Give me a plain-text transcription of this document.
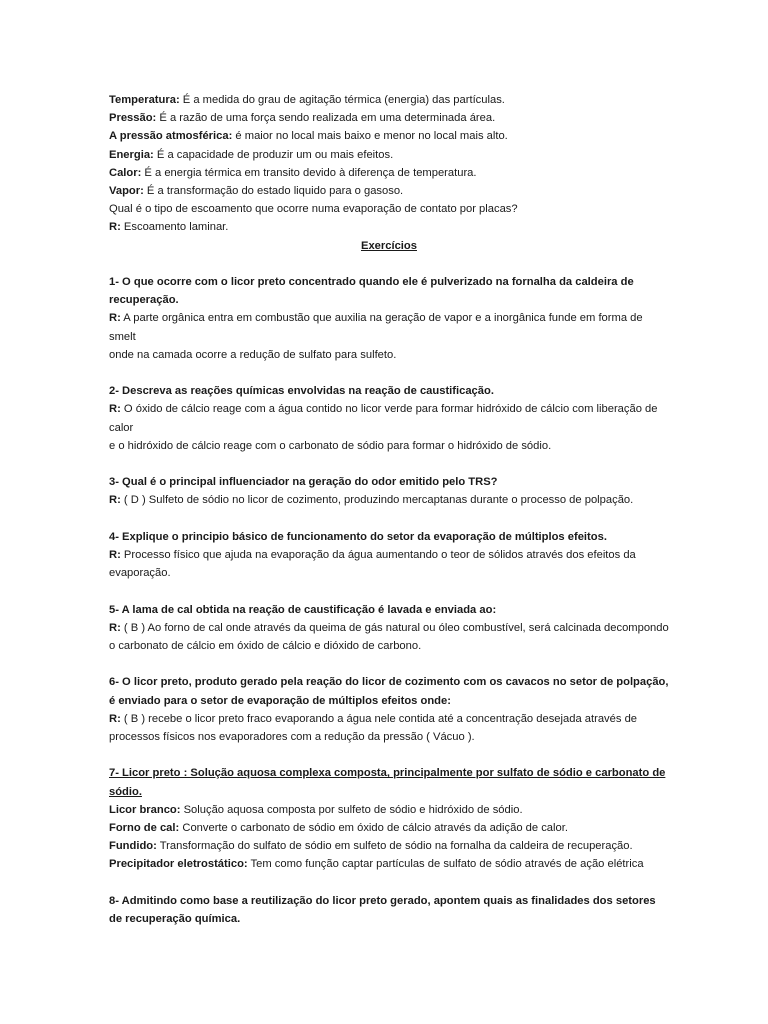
Temperatura: É a medida do grau de agitação térmica (energia) das partículas.
Pressão: É a razão de uma força sendo realizada em uma determinada área.
A pressão atmosférica: é maior no local mais baixo e menor no local mais alto.
Energia: É a capacidade de produzir um ou mais efeitos.
Calor: É a energia térmica em transito devido à diferença de temperatura.
Vapor: É a transformação do estado liquido para o gasoso.
Qual é o tipo de escoamento que ocorre numa evaporação de contato por placas?
R: Escoamento laminar.
Exercícios
1- O que ocorre com o licor preto concentrado quando ele é pulverizado na fornalha da caldeira de recuperação.
R: A parte orgânica entra em combustão que auxilia na geração de vapor e a inorgânica funde em forma de smelt
onde na camada ocorre a redução de sulfato para sulfeto.
2- Descreva as reações químicas envolvidas na reação de caustificação.
R: O óxido de cálcio reage com a água contido no licor verde para formar hidróxido de cálcio com liberação de calor
e o hidróxido de cálcio reage com o carbonato de sódio para formar o hidróxido de sódio.
3- Qual é o principal influenciador na geração do odor emitido pelo TRS?
R: ( D ) Sulfeto de sódio no licor de cozimento, produzindo mercaptanas durante o processo de polpação.
4- Explique o principio básico de funcionamento do setor da evaporação de múltiplos efeitos.
R: Processo físico que ajuda na evaporação da água aumentando o teor de sólidos através dos efeitos da evaporação.
5- A lama de cal obtida na reação de caustificação é lavada e enviada ao:
R: ( B ) Ao forno de cal onde através da queima de gás natural ou óleo combustível, será calcinada decompondo
o carbonato de cálcio em óxido de cálcio e dióxido de carbono.
6- O licor preto, produto gerado pela reação do licor de cozimento com os cavacos no setor de polpação, é enviado para o setor de evaporação de múltiplos efeitos onde:
R: ( B ) recebe o licor preto fraco evaporando a água nele contida até a concentração desejada através de processos físicos nos evaporadores com a redução da pressão ( Vácuo ).
7- Licor preto : Solução aquosa complexa composta, principalmente por sulfato de sódio e carbonato de sódio.
Licor branco: Solução aquosa composta por sulfeto de sódio e hidróxido de sódio.
Forno de cal: Converte o carbonato de sódio em óxido de cálcio através da adição de calor.
Fundido: Transformação do sulfato de sódio em sulfeto de sódio na fornalha da caldeira de recuperação.
Precipitador eletrostático: Tem como função captar partículas de sulfato de sódio através de ação elétrica
8- Admitindo como base a reutilização do licor preto gerado, apontem quais as finalidades dos setores de recuperação química.
